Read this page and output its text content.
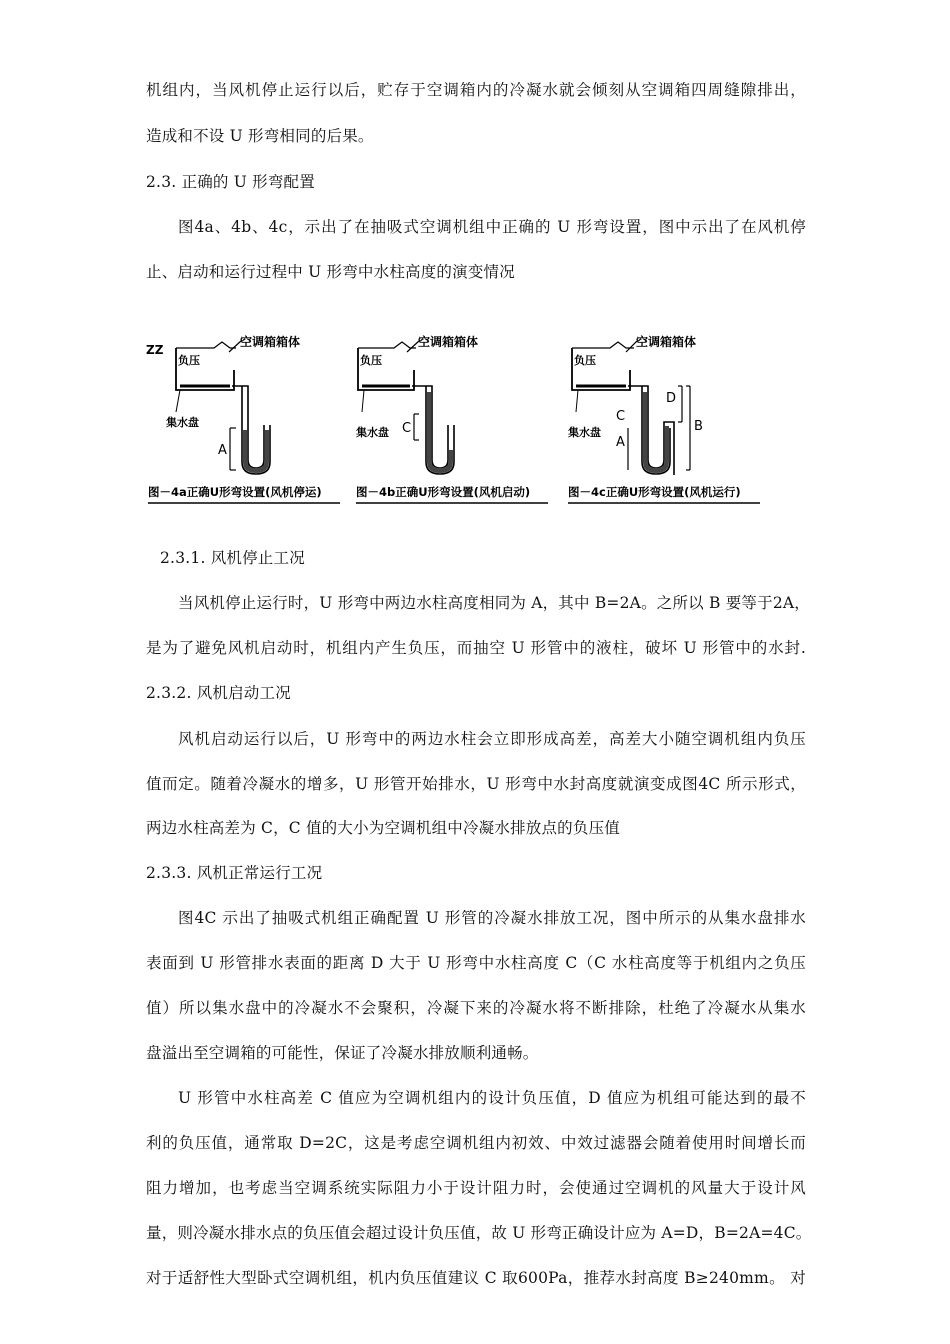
机组内，当风机停止运行以后，贮存于空调箱内的冷凝水就会倾刻从空调箱四周缝隙排出，
造成和不设 U 形弯相同的后果。
2.3. 正确的 U 形弯配置
图4a、4b、4c，示出了在抽吸式空调机组中正确的 U 形弯设置，图中示出了在风机停
止、启动和运行过程中 U 形弯中水柱高度的演变情况
ZZ
空调箱箱体
负压
集水盘
A
图－4a正确U形弯设置(风机停运)
空调箱箱体
负压
集水盘 C
图－4b正确U形弯设置(风机启动)
空调箱箱体
负压
集水盘
C
A
D
B
图－4c正确U形弯设置(风机运行)
2.3.1. 风机停止工况
当风机停止运行时，U 形弯中两边水柱高度相同为 A，其中 B=2A。之所以 B 要等于2A，
是为了避免风机启动时，机组内产生负压，而抽空 U 形管中的液柱，破坏 U 形管中的水封.
2.3.2. 风机启动工况
风机启动运行以后，U 形弯中的两边水柱会立即形成高差，高差大小随空调机组内负压
值而定。随着冷凝水的增多，U 形管开始排水，U 形弯中水封高度就演变成图4C 所示形式，
两边水柱高差为 C，C 值的大小为空调机组中冷凝水排放点的负压值
2.3.3. 风机正常运行工况
图4C 示出了抽吸式机组正确配置 U 形管的冷凝水排放工况，图中所示的从集水盘排水
表面到 U 形管排水表面的距离 D 大于 U 形弯中水柱高度 C（C 水柱高度等于机组内之负压
值）所以集水盘中的冷凝水不会聚积，冷凝下来的冷凝水将不断排除，杜绝了冷凝水从集水
盘溢出至空调箱的可能性，保证了冷凝水排放顺利通畅。
U 形管中水柱高差 C 值应为空调机组内的设计负压值，D 值应为机组可能达到的最不
利的负压值，通常取 D=2C，这是考虑空调机组内初效、中效过滤器会随着使用时间增长而
阻力增加，也考虑当空调系统实际阻力小于设计阻力时，会使通过空调机的风量大于设计风
量，则冷凝水排水点的负压值会超过设计负压值，故 U 形弯正确设计应为 A=D，B=2A=4C。
对于适舒性大型卧式空调机组，机内负压值建议 C 取600Pa，推荐水封高度 B≥240mm。 对
